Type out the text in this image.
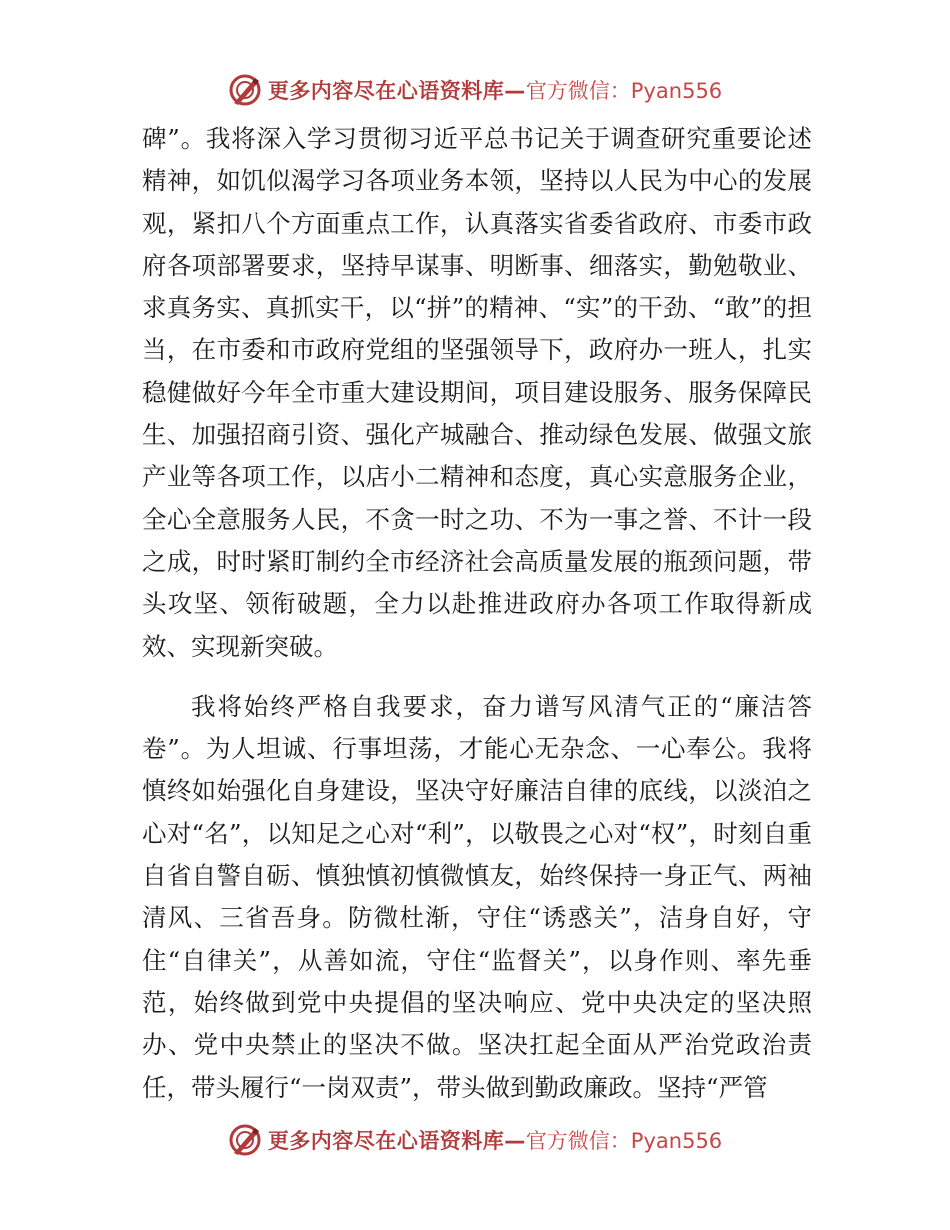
更多内容尽在心语资料库— 官方微信：Pyan556

碑”。我将深入学习贯彻习近平总书记关于调查研究重要论述精神，如饥似渴学习各项业务本领，坚持以人民为中心的发展观，紧扣八个方面重点工作，认真落实省委省政府、市委市政府各项部署要求，坚持早谋事、明断事、细落实，勤勉敬业、求真务实、真抓实干，以“拼”的精神、“实”的干劲、“敢”的担当，在市委和市政府党组的坚强领导下，政府办一班人，扎实稳健做好今年全市重大建设期间，项目建设服务、服务保障民生、加强招商引资、强化产城融合、推动绿色发展、做强文旅产业等各项工作，以店小二精神和态度，真心实意服务企业，全心全意服务人民，不贪一时之功、不为一事之誉、不计一段之成，时时紧盯制约全市经济社会高质量发展的瓶颈问题，带头攻坚、领衔破题，全力以赴推进政府办各项工作取得新成效、实现新突破。

我将始终严格自我要求，奋力谱写风清气正的“廉洁答卷”。为人坦诚、行事坦荡，才能心无杂念、一心奉公。我将慎终如始强化自身建设，坚决守好廉洁自律的底线，以淡泊之心对“名”，以知足之心对“利”，以敬畏之心对“权”，时刻自重自省自警自砺、慎独慎初慎微慎友，始终保持一身正气、两袖清风、三省吾身。防微杜渐，守住“诱惑关”，洁身自好，守住“自律关”，从善如流，守住“监督关”，以身作则、率先垂范，始终做到党中央提倡的坚决响应、党中央决定的坚决照办、党中央禁止的坚决不做。坚决扛起全面从严治党政治责任，带头履行“一岗双责”，带头做到勤政廉政。坚持“严管

更多内容尽在心语资料库— 官方微信：Pyan556
